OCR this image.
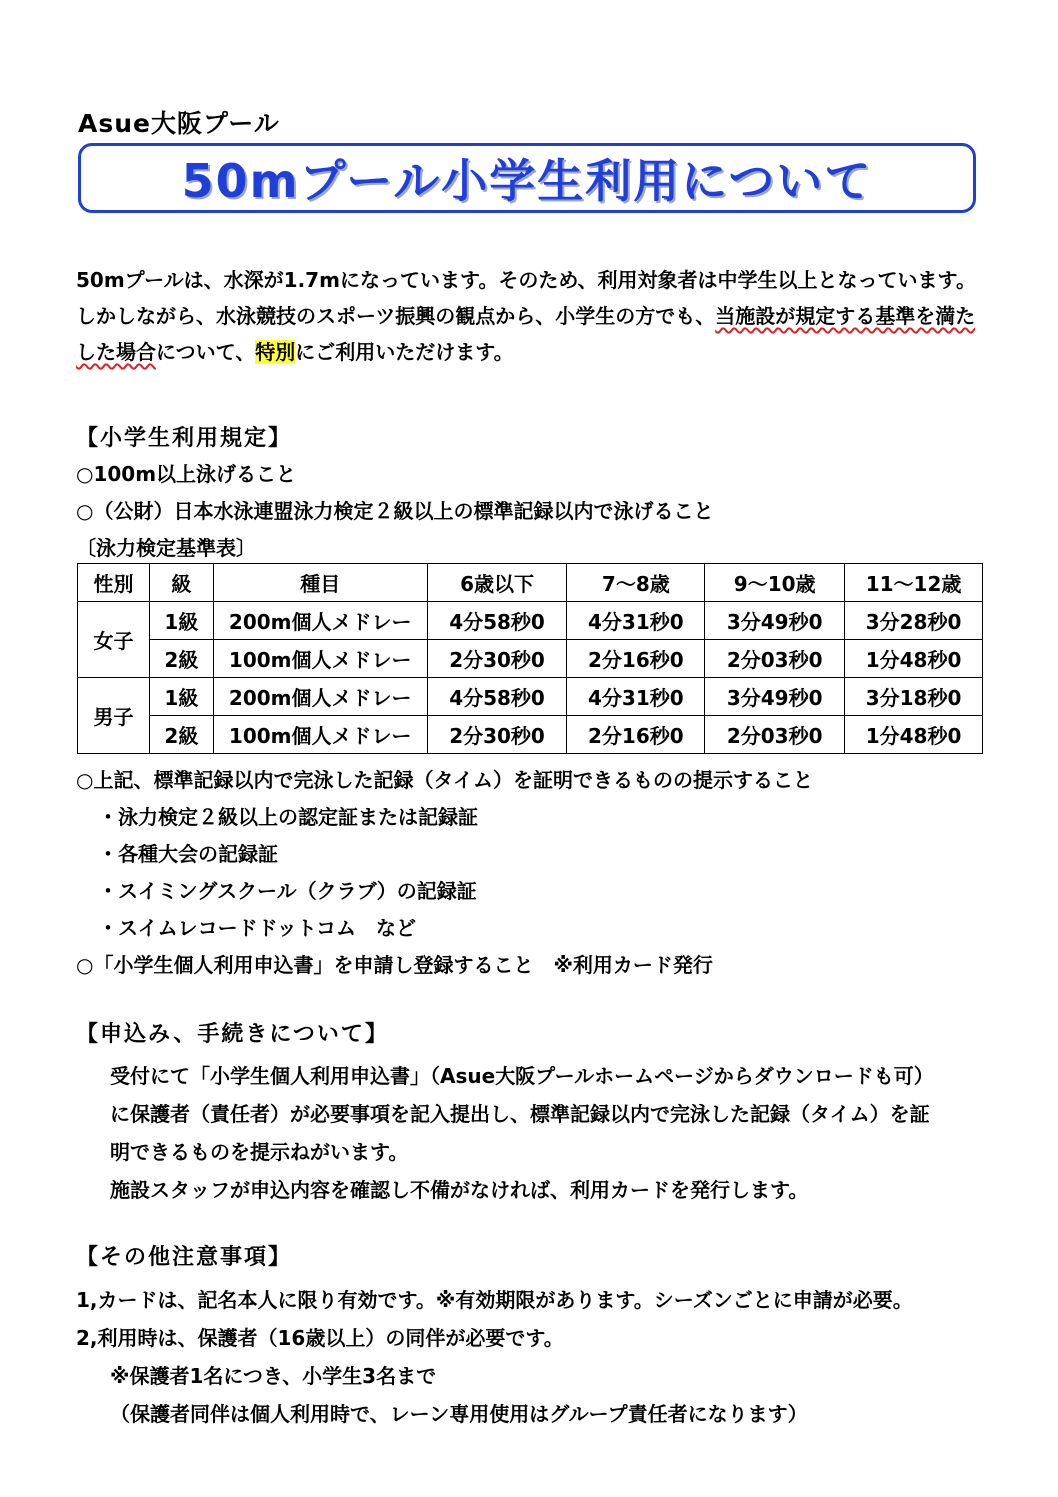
Asue大阪プール
50mプール小学生利用について
50mプールは、水深が1.7mになっています。そのため、利用対象者は中学生以上となっています。しかしながら、水泳競技のスポーツ振興の観点から、小学生の方でも、当施設が規定する基準を満たした場合について、特別にご利用いただけます。
【小学生利用規定】
○100m以上泳げること
○（公財）日本水泳連盟泳力検定２級以上の標準記録以内で泳げること
〔泳力検定基準表〕
性別	級	種目	6歳以下	7～8歳	9～10歳	11～12歳
女子	1級	200m個人メドレー	4分58秒0	4分31秒0	3分49秒0	3分28秒0
	2級	100m個人メドレー	2分30秒0	2分16秒0	2分03秒0	1分48秒0
男子	1級	200m個人メドレー	4分58秒0	4分31秒0	3分49秒0	3分18秒0
	2級	100m個人メドレー	2分30秒0	2分16秒0	2分03秒0	1分48秒0
○上記、標準記録以内で完泳した記録（タイム）を証明できるものの提示すること
・泳力検定２級以上の認定証または記録証
・各種大会の記録証
・スイミングスクール（クラブ）の記録証
・スイムレコードドットコム　など
○「小学生個人利用申込書」を申請し登録すること　※利用カード発行
【申込み、手続きについて】
受付にて「小学生個人利用申込書」（Asue大阪プールホームページからダウンロードも可）
に保護者（責任者）が必要事項を記入提出し、標準記録以内で完泳した記録（タイム）を証
明できるものを提示ねがいます。
施設スタッフが申込内容を確認し不備がなければ、利用カードを発行します。
【その他注意事項】
1,カードは、記名本人に限り有効です。※有効期限があります。シーズンごとに申請が必要。
2,利用時は、保護者（16歳以上）の同伴が必要です。
※保護者1名につき、小学生3名まで
（保護者同伴は個人利用時で、レーン専用使用はグループ責任者になります）
